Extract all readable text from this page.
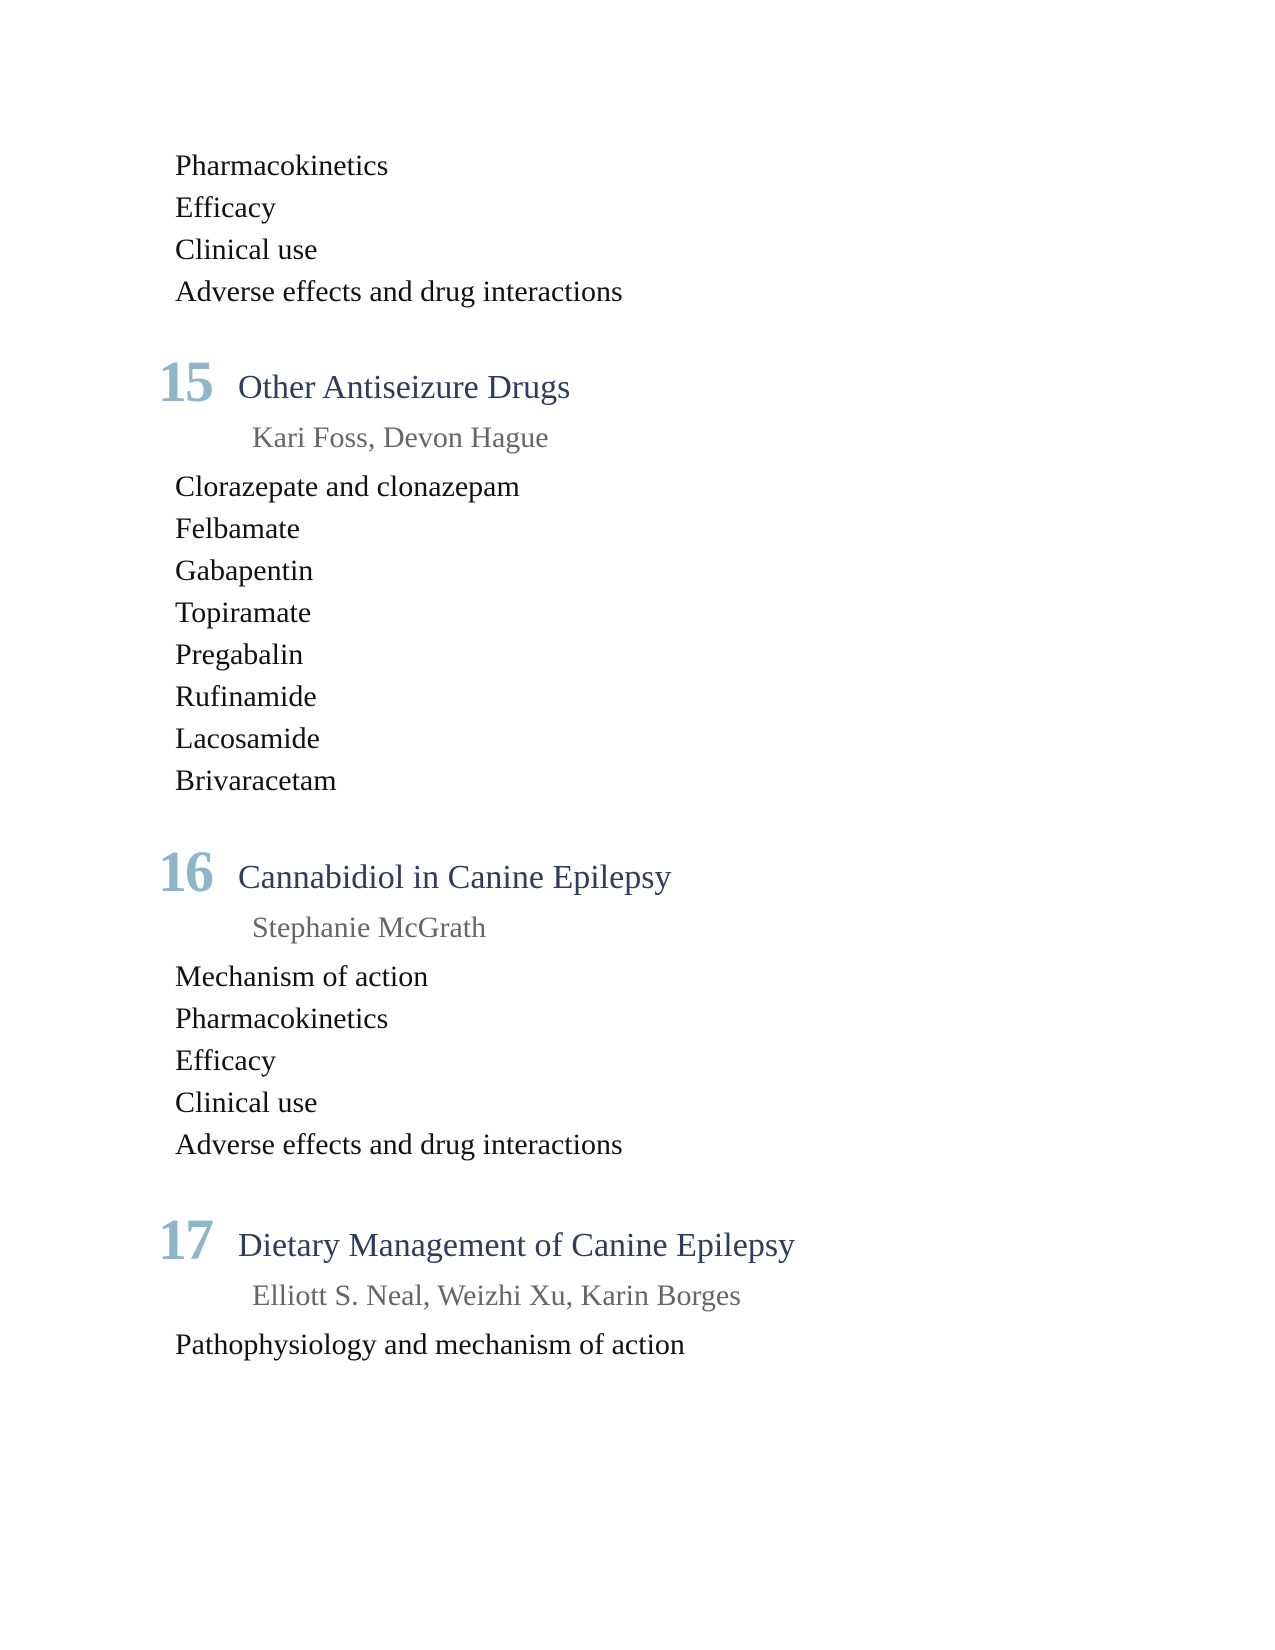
Pharmacokinetics
Efficacy
Clinical use
Adverse effects and drug interactions
15 Other Antiseizure Drugs
Kari Foss, Devon Hague
Clorazepate and clonazepam
Felbamate
Gabapentin
Topiramate
Pregabalin
Rufinamide
Lacosamide
Brivaracetam
16 Cannabidiol in Canine Epilepsy
Stephanie McGrath
Mechanism of action
Pharmacokinetics
Efficacy
Clinical use
Adverse effects and drug interactions
17 Dietary Management of Canine Epilepsy
Elliott S. Neal, Weizhi Xu, Karin Borges
Pathophysiology and mechanism of action
